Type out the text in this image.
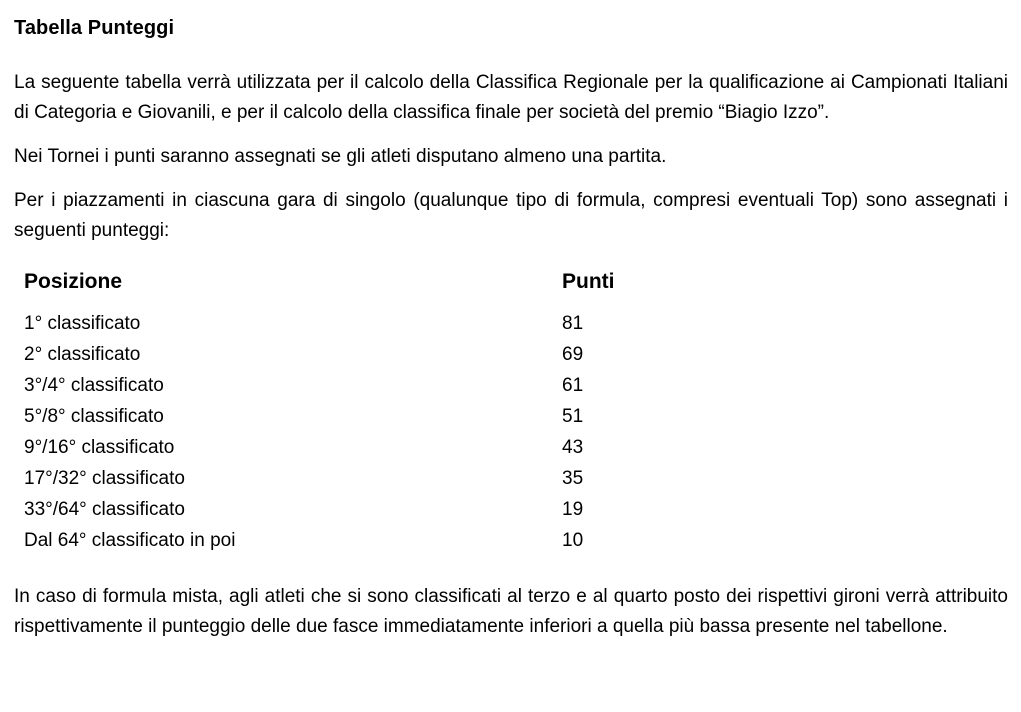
Tabella Punteggi

La seguente tabella verrà utilizzata per il calcolo della Classifica Regionale per la qualificazione ai Campionati Italiani di Categoria e Giovanili, e per il calcolo della classifica finale per società del premio “Biagio Izzo”.

Nei Tornei i punti saranno assegnati se gli atleti disputano almeno una partita.

Per i piazzamenti in ciascuna gara di singolo (qualunque tipo di formula, compresi eventuali Top) sono assegnati i seguenti punteggi:

Posizione	Punti
1° classificato	81
2° classificato	69
3°/4° classificato	61
5°/8° classificato	51
9°/16° classificato	43
17°/32° classificato	35
33°/64° classificato	19
Dal 64° classificato in poi	10

In caso di formula mista, agli atleti che si sono classificati al terzo e al quarto posto dei rispettivi gironi verrà attribuito rispettivamente il punteggio delle due fasce immediatamente inferiori a quella più bassa presente nel tabellone.
